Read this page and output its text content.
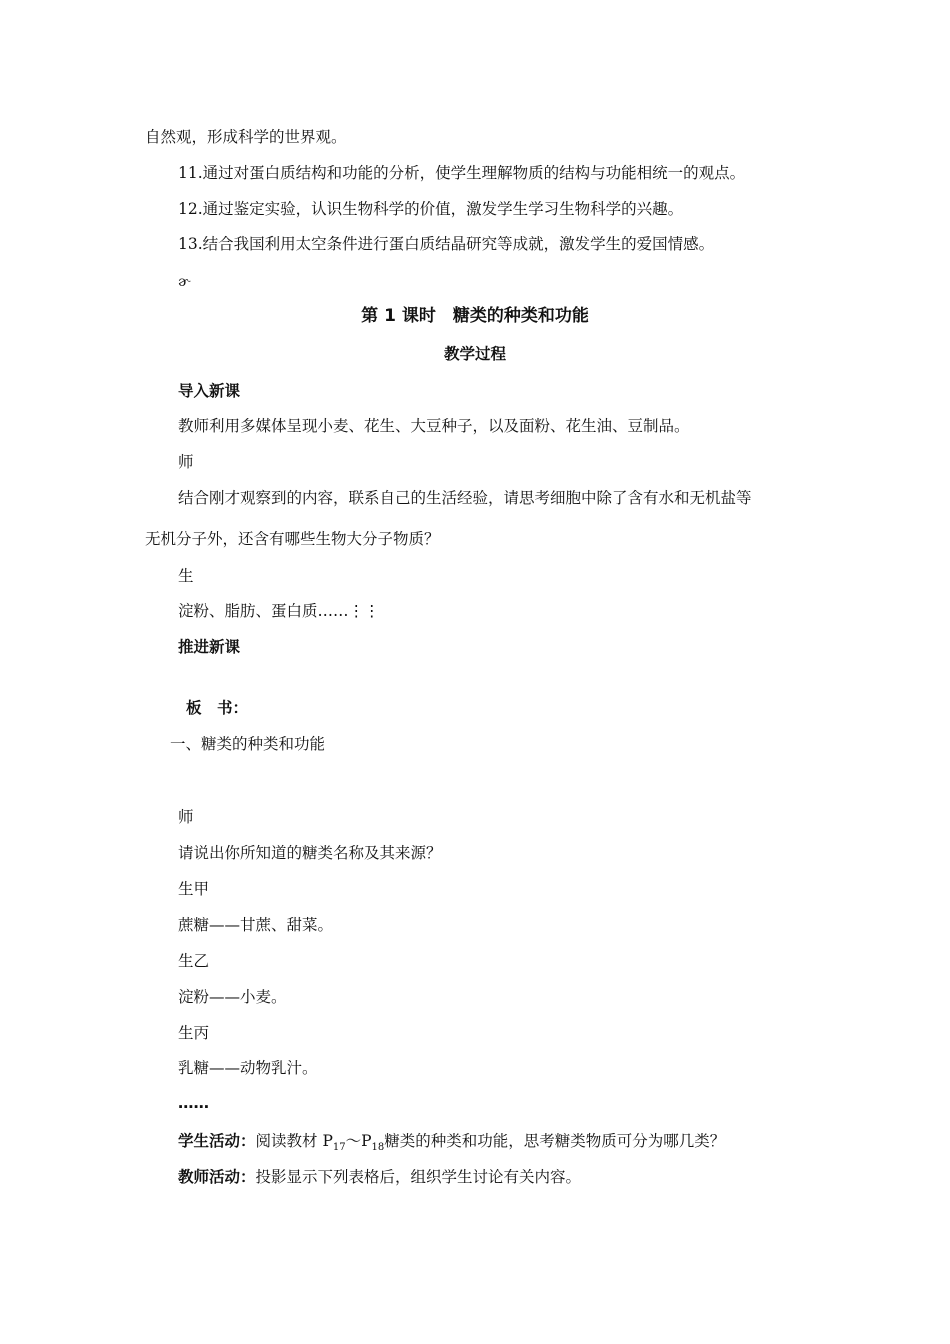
自然观，形成科学的世界观。
11.通过对蛋白质结构和功能的分析，使学生理解物质的结构与功能相统一的观点。
12.通过鉴定实验，认识生物科学的价值，激发学生学习生物科学的兴趣。
13.结合我国利用太空条件进行蛋白质结晶研究等成就，激发学生的爱国情感。
ɚ
第 1 课时　糖类的种类和功能
教学过程
导入新课
教师利用多媒体呈现小麦、花生、大豆种子，以及面粉、花生油、豆制品。
师
结合刚才观察到的内容，联系自己的生活经验，请思考细胞中除了含有水和无机盐等
无机分子外，还含有哪些生物大分子物质？
生
淀粉、脂肪、蛋白质……⋮⋮
推进新课
板　书：
一、糖类的种类和功能
师
请说出你所知道的糖类名称及其来源？
生甲
蔗糖——甘蔗、甜菜。
生乙
淀粉——小麦。
生丙
乳糖——动物乳汁。
……
学生活动：阅读教材 $P_{17}\sim P_{18}$糖类的种类和功能，思考糖类物质可分为哪几类？
教师活动：投影显示下列表格后，组织学生讨论有关内容。
